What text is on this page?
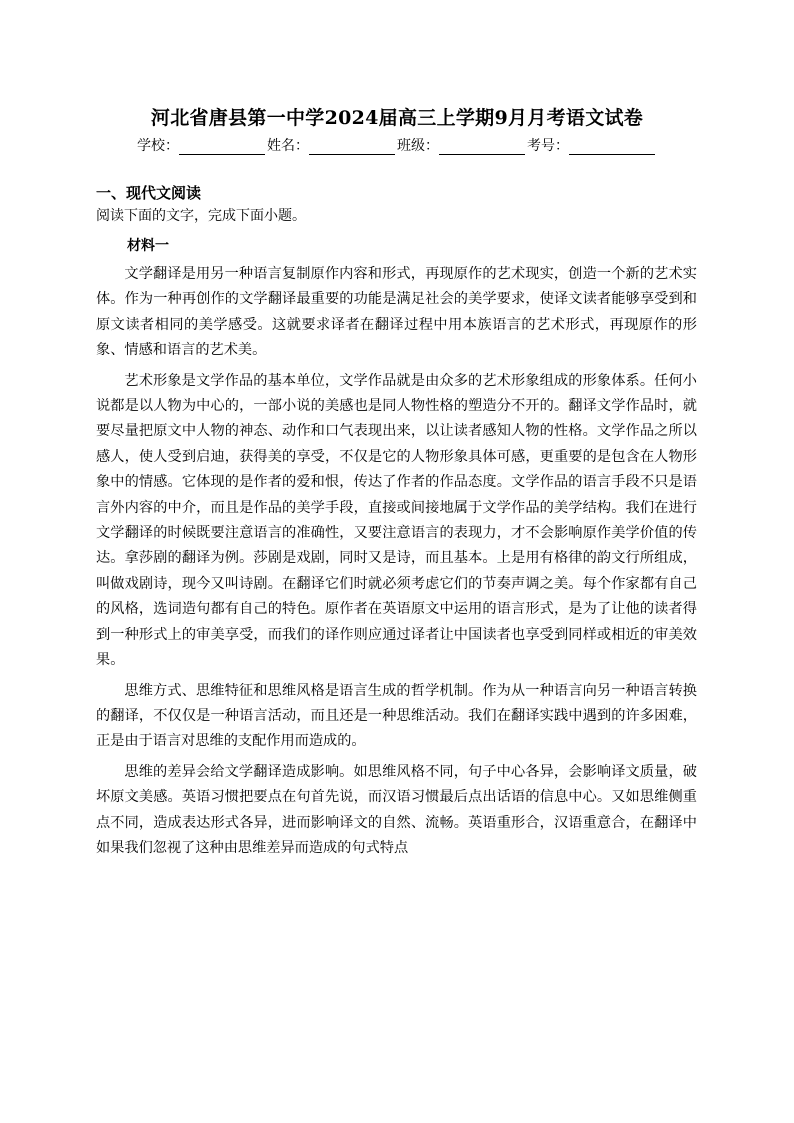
河北省唐县第一中学2024届高三上学期9月月考语文试卷
学校：	姓名：	班级：	考号：
一、现代文阅读
阅读下面的文字，完成下面小题。
材料一

文学翻译是用另一种语言复制原作内容和形式，再现原作的艺术现实，创造一个新的艺术实体。作为一种再创作的文学翻译最重要的功能是满足社会的美学要求，使译文读者能够享受到和原文读者相同的美学感受。这就要求译者在翻译过程中用本族语言的艺术形式，再现原作的形象、情感和语言的艺术美。

艺术形象是文学作品的基本单位，文学作品就是由众多的艺术形象组成的形象体系。任何小说都是以人物为中心的，一部小说的美感也是同人物性格的塑造分不开的。翻译文学作品时，就要尽量把原文中人物的神态、动作和口气表现出来，以让读者感知人物的性格。文学作品之所以感人，使人受到启迪，获得美的享受，不仅是它的人物形象具体可感，更重要的是包含在人物形象中的情感。它体现的是作者的爱和恨，传达了作者的作品态度。文学作品的语言手段不只是语言外内容的中介，而且是作品的美学手段，直接或间接地属于文学作品的美学结构。我们在进行文学翻译的时候既要注意语言的准确性，又要注意语言的表现力，才不会影响原作美学价值的传达。拿莎剧的翻译为例。莎剧是戏剧，同时又是诗，而且基本。上是用有格律的韵文行所组成，叫做戏剧诗，现今又叫诗剧。在翻译它们时就必须考虑它们的节奏声调之美。每个作家都有自己的风格，选词造句都有自己的特色。原作者在英语原文中运用的语言形式，是为了让他的读者得到一种形式上的审美享受，而我们的译作则应通过译者让中国读者也享受到同样或相近的审美效果。

思维方式、思维特征和思维风格是语言生成的哲学机制。作为从一种语言向另一种语言转换的翻译，不仅仅是一种语言活动，而且还是一种思维活动。我们在翻译实践中遇到的许多困难，正是由于语言对思维的支配作用而造成的。

思维的差异会给文学翻译造成影响。如思维风格不同，句子中心各异，会影响译文质量，破坏原文美感。英语习惯把要点在句首先说，而汉语习惯最后点出话语的信息中心。又如思维侧重点不同，造成表达形式各异，进而影响译文的自然、流畅。英语重形合，汉语重意合，在翻译中如果我们忽视了这种由思维差异而造成的句式特点
